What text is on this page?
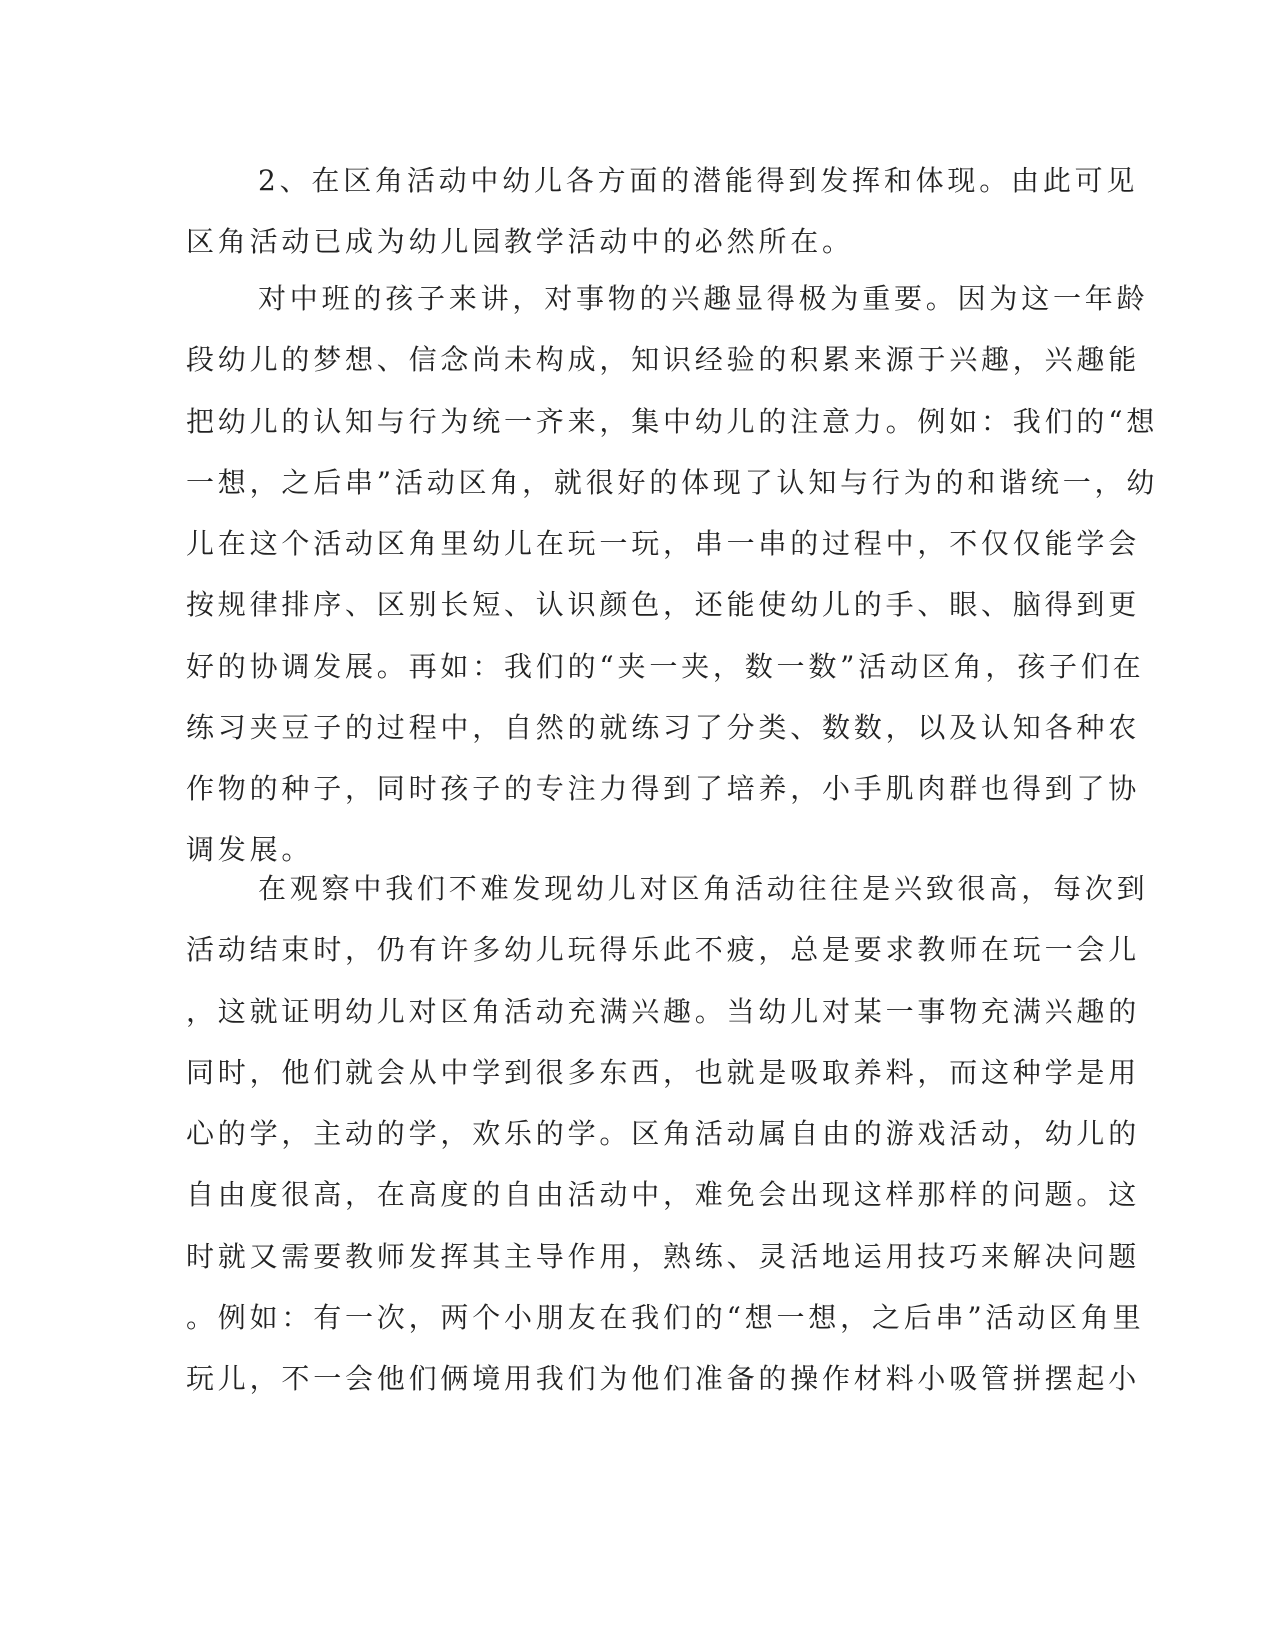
2、在区角活动中幼儿各方面的潜能得到发挥和体现。由此可见
区角活动已成为幼儿园教学活动中的必然所在。
对中班的孩子来讲，对事物的兴趣显得极为重要。因为这一年龄
段幼儿的梦想、信念尚未构成，知识经验的积累来源于兴趣，兴趣能
把幼儿的认知与行为统一齐来，集中幼儿的注意力。例如：我们的“想
一想，之后串”活动区角，就很好的体现了认知与行为的和谐统一，幼
儿在这个活动区角里幼儿在玩一玩，串一串的过程中，不仅仅能学会
按规律排序、区别长短、认识颜色，还能使幼儿的手、眼、脑得到更
好的协调发展。再如：我们的“夹一夹，数一数”活动区角，孩子们在
练习夹豆子的过程中，自然的就练习了分类、数数，以及认知各种农
作物的种子，同时孩子的专注力得到了培养，小手肌肉群也得到了协
调发展。
在观察中我们不难发现幼儿对区角活动往往是兴致很高，每次到
活动结束时，仍有许多幼儿玩得乐此不疲，总是要求教师在玩一会儿
，这就证明幼儿对区角活动充满兴趣。当幼儿对某一事物充满兴趣的
同时，他们就会从中学到很多东西，也就是吸取养料，而这种学是用
心的学，主动的学，欢乐的学。区角活动属自由的游戏活动，幼儿的
自由度很高，在高度的自由活动中，难免会出现这样那样的问题。这
时就又需要教师发挥其主导作用，熟练、灵活地运用技巧来解决问题
。例如：有一次，两个小朋友在我们的“想一想，之后串”活动区角里
玩儿，不一会他们俩境用我们为他们准备的操作材料小吸管拼摆起小
